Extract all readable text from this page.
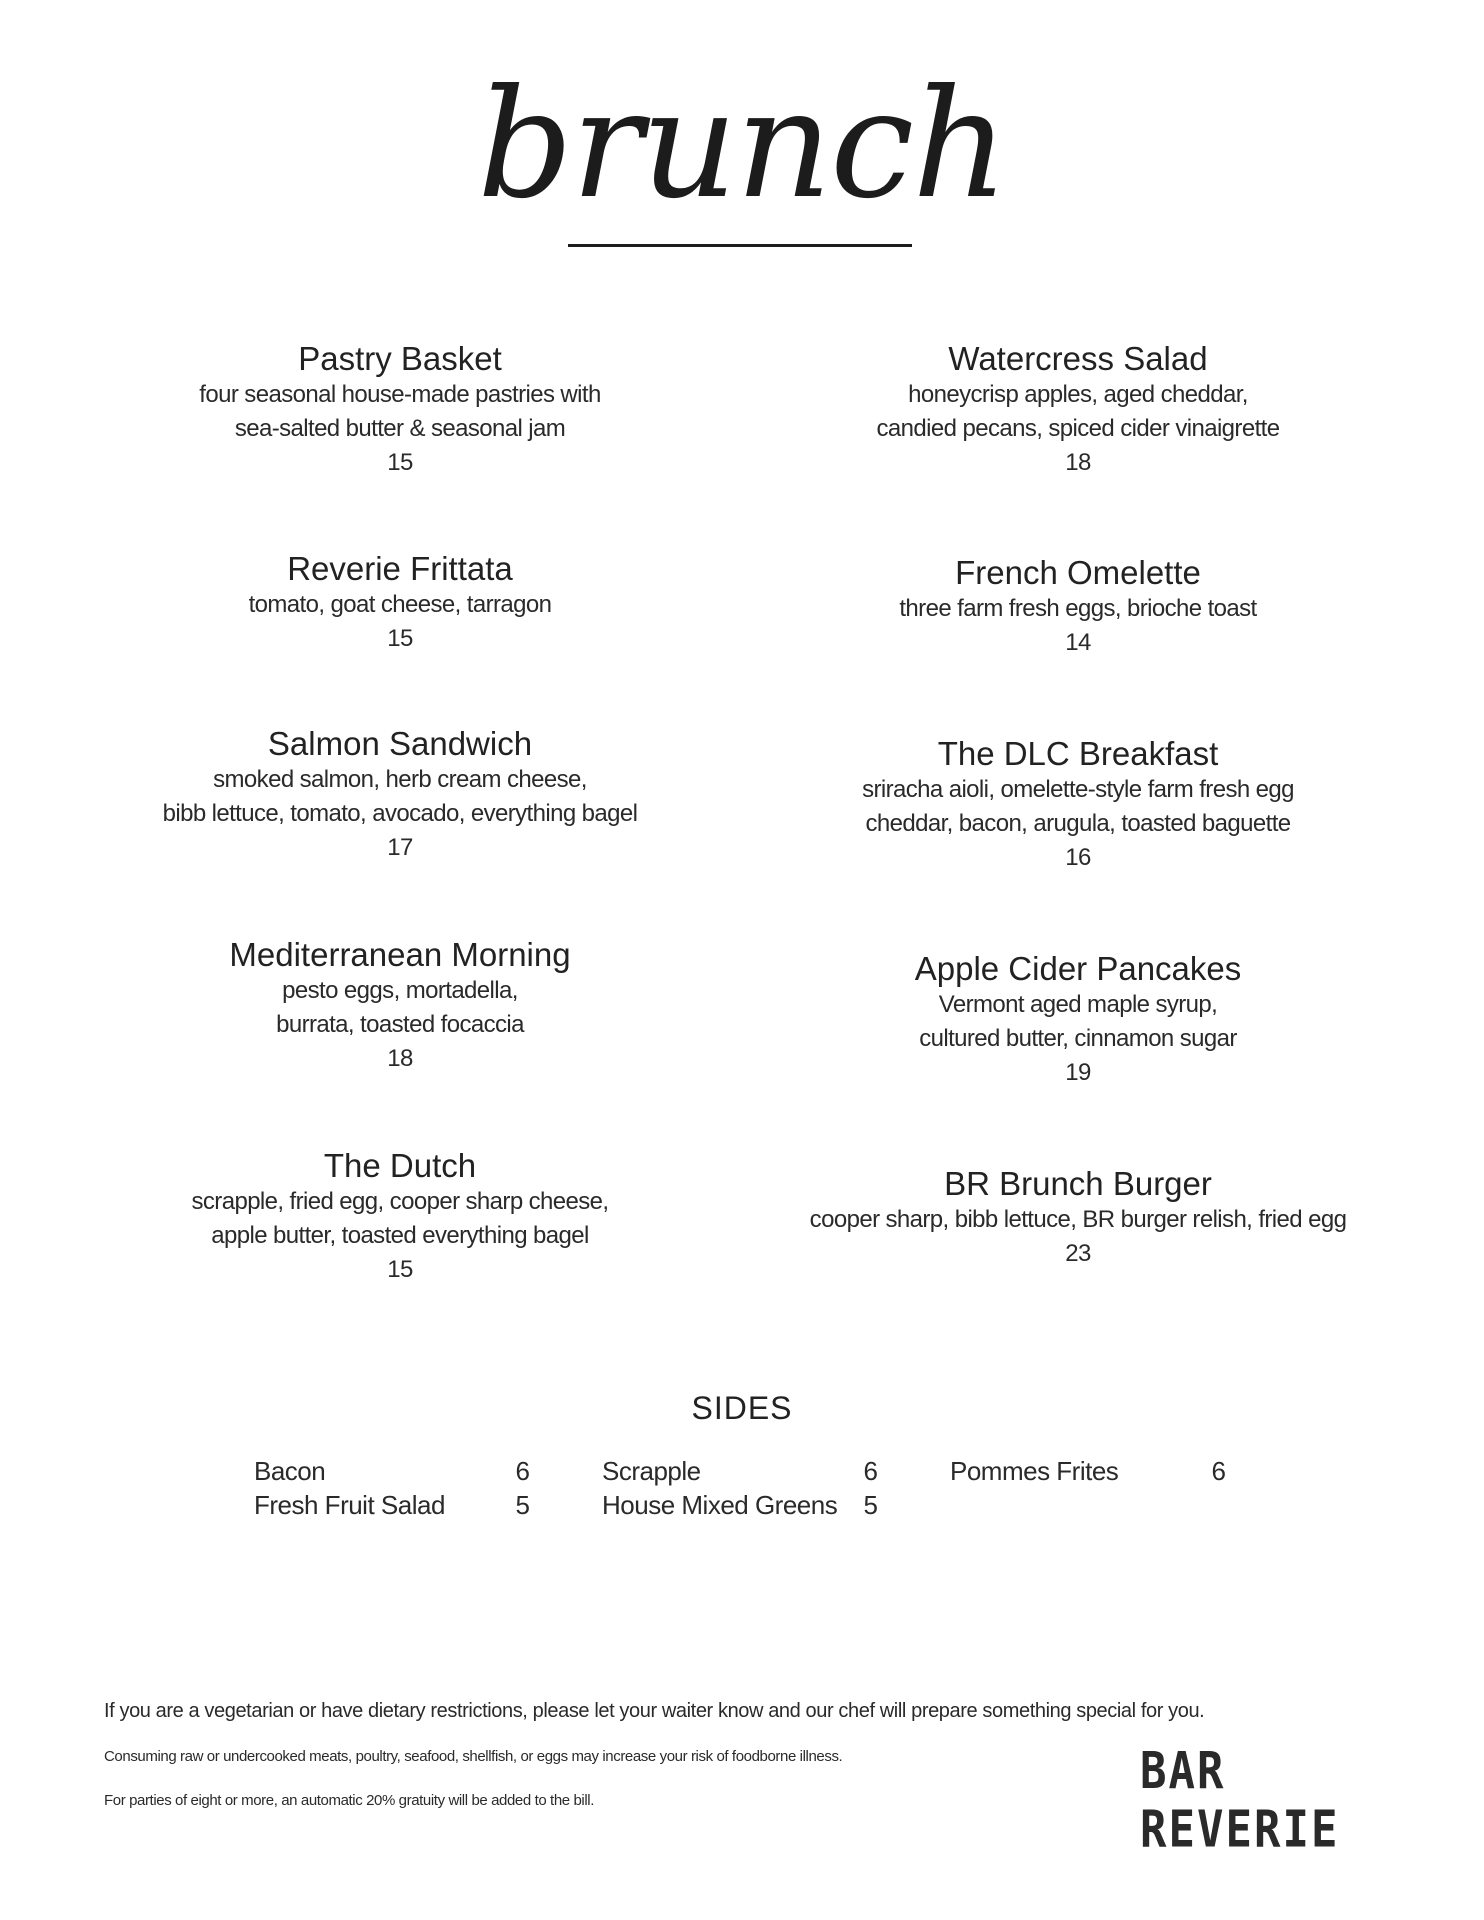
brunch
Pastry Basket
four seasonal house-made pastries with
sea-salted butter & seasonal jam
15
Reverie Frittata
tomato, goat cheese, tarragon
15
Salmon Sandwich
smoked salmon, herb cream cheese,
bibb lettuce, tomato, avocado, everything bagel
17
Mediterranean Morning
pesto eggs, mortadella,
burrata, toasted focaccia
18
The Dutch
scrapple, fried egg, cooper sharp cheese,
apple butter, toasted everything bagel
15
Watercress Salad
honeycrisp apples, aged cheddar,
candied pecans, spiced cider vinaigrette
18
French Omelette
three farm fresh eggs, brioche toast
14
The DLC Breakfast
sriracha aioli, omelette-style farm fresh egg
cheddar, bacon, arugula, toasted baguette
16
Apple Cider Pancakes
Vermont aged maple syrup,
cultured butter, cinnamon sugar
19
BR Brunch Burger
cooper sharp, bibb lettuce, BR burger relish, fried egg
23
SIDES
Bacon	6
Fresh Fruit Salad	5
Scrapple	6
House Mixed Greens	5
Pommes Frites	6
If you are a vegetarian or have dietary restrictions, please let your waiter know and our chef will prepare something special for you.
Consuming raw or undercooked meats, poultry, seafood, shellfish, or eggs may increase your risk of foodborne illness.
For parties of eight or more, an automatic 20% gratuity will be added to the bill.	BAR REVERIE
